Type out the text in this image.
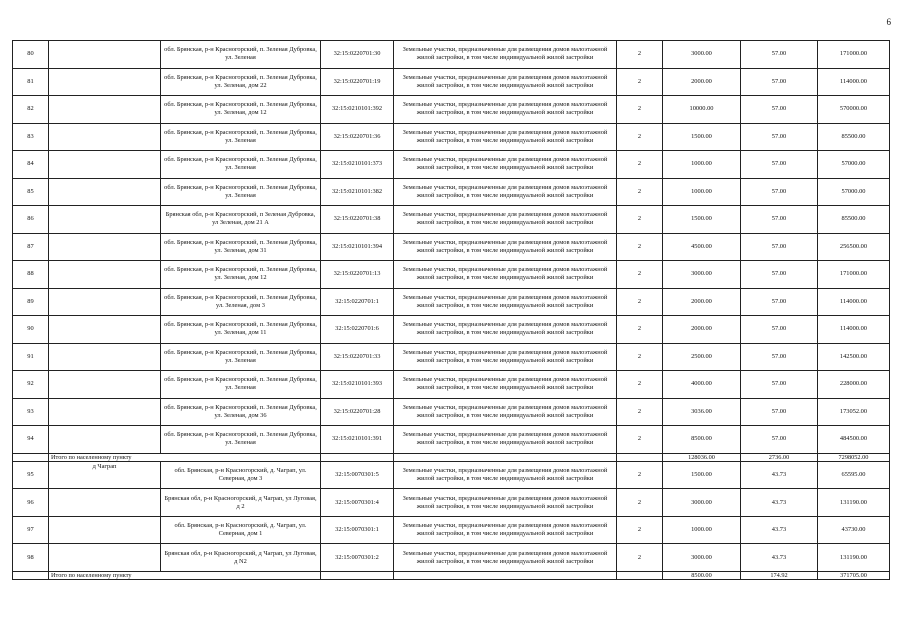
6
80		обл. Брянская, р-н Красногорский, п. Зеленая Дубровка, ул. Зеленая	32:15:0220701:30	Земельные участки, предназначенные для размещения домов малоэтажной жилой застройки, в том числе индивидуальной жилой застройки	2	3000.00	57.00	171000.00
81		обл. Брянская, р-н Красногорский, п. Зеленая Дубровка, ул. Зеленая, дом 22	32:15:0220701:19	Земельные участки, предназначенные для размещения домов малоэтажной жилой застройки, в том числе индивидуальной жилой застройки	2	2000.00	57.00	114000.00
82		обл. Брянская, р-н Красногорский, п. Зеленая Дубровка, ул. Зеленая, дом 12	32:15:0210101:392	Земельные участки, предназначенные для размещения домов малоэтажной жилой застройки, в том числе индивидуальной жилой застройки	2	10000.00	57.00	570000.00
83		обл. Брянская, р-н Красногорский, п. Зеленая Дубровка, ул. Зеленая	32:15:0220701:36	Земельные участки, предназначенные для размещения домов малоэтажной жилой застройки, в том числе индивидуальной жилой застройки	2	1500.00	57.00	85500.00
84		обл. Брянская, р-н Красногорский, п. Зеленая Дубровка, ул. Зеленая	32:15:0210101:373	Земельные участки, предназначенные для размещения домов малоэтажной жилой застройки, в том числе индивидуальной жилой застройки	2	1000.00	57.00	57000.00
85		обл. Брянская, р-н Красногорский, п. Зеленая Дубровка, ул. Зеленая	32:15:0210101:382	Земельные участки, предназначенные для размещения домов малоэтажной жилой застройки, в том числе индивидуальной жилой застройки	2	1000.00	57.00	57000.00
86		Брянская обл, р-н Красногорский, п Зеленая Дубровка, ул Зеленая, дом 21 А	32:15:0220701:38	Земельные участки, предназначенные для размещения домов малоэтажной жилой застройки, в том числе индивидуальной жилой застройки	2	1500.00	57.00	85500.00
87		обл. Брянская, р-н Красногорский, п. Зеленая Дубровка, ул. Зеленая, дом 31	32:15:0210101:394	Земельные участки, предназначенные для размещения домов малоэтажной жилой застройки, в том числе индивидуальной жилой застройки	2	4500.00	57.00	256500.00
88		обл. Брянская, р-н Красногорский, п. Зеленая Дубровка, ул. Зеленая, дом 12	32:15:0220701:13	Земельные участки, предназначенные для размещения домов малоэтажной жилой застройки, в том числе индивидуальной жилой застройки	2	3000.00	57.00	171000.00
89		обл. Брянская, р-н Красногорский, п. Зеленая Дубровка, ул. Зеленая, дом 3	32:15:0220701:1	Земельные участки, предназначенные для размещения домов малоэтажной жилой застройки, в том числе индивидуальной жилой застройки	2	2000.00	57.00	114000.00
90		обл. Брянская, р-н Красногорский, п. Зеленая Дубровка, ул. Зеленая, дом 11	32:15:0220701:6	Земельные участки, предназначенные для размещения домов малоэтажной жилой застройки, в том числе индивидуальной жилой застройки	2	2000.00	57.00	114000.00
91		обл. Брянская, р-н Красногорский, п. Зеленая Дубровка, ул. Зеленая	32:15:0220701:33	Земельные участки, предназначенные для размещения домов малоэтажной жилой застройки, в том числе индивидуальной жилой застройки	2	2500.00	57.00	142500.00
92		обл. Брянская, р-н Красногорский, п. Зеленая Дубровка, ул. Зеленая	32:15:0210101:393	Земельные участки, предназначенные для размещения домов малоэтажной жилой застройки, в том числе индивидуальной жилой застройки	2	4000.00	57.00	228000.00
93		обл. Брянская, р-н Красногорский, п. Зеленая Дубровка, ул. Зеленая, дом 36	32:15:0220701:28	Земельные участки, предназначенные для размещения домов малоэтажной жилой застройки, в том числе индивидуальной жилой застройки	2	3036.00	57.00	173052.00
94		обл. Брянская, р-н Красногорский, п. Зеленая Дубровка, ул. Зеленая	32:15:0210101:391	Земельные участки, предназначенные для размещения домов малоэтажной жилой застройки, в том числе индивидуальной жилой застройки	2	8500.00	57.00	484500.00
	Итого по населенному пункту					128036.00	2736.00	7298052.00
95	д Чаграп	обл. Брянская, р-н Красногорский, д. Чаграп, ул. Северная, дом 3	32:15:0070301:5	Земельные участки, предназначенные для размещения домов малоэтажной жилой застройки, в том числе индивидуальной жилой застройки	2	1500.00	43.73	65595.00
96		Брянская обл, р-н Красногорский, д Чаграп, ул Луговая, д 2	32:15:0070301:4	Земельные участки, предназначенные для размещения домов малоэтажной жилой застройки, в том числе индивидуальной жилой застройки	2	3000.00	43.73	131190.00
97		обл. Брянская, р-н Красногорский, д. Чаграп, ул. Северная, дом 1	32:15:0070301:1	Земельные участки, предназначенные для размещения домов малоэтажной жилой застройки, в том числе индивидуальной жилой застройки	2	1000.00	43.73	43730.00
98		Брянская обл, р-н Красногорский, д Чаграп, ул Луговая, д N2	32:15:0070301:2	Земельные участки, предназначенные для размещения домов малоэтажной жилой застройки, в том числе индивидуальной жилой застройки	2	3000.00	43.73	131190.00
	Итого по населенному пункту					8500.00	174.92	371705.00
